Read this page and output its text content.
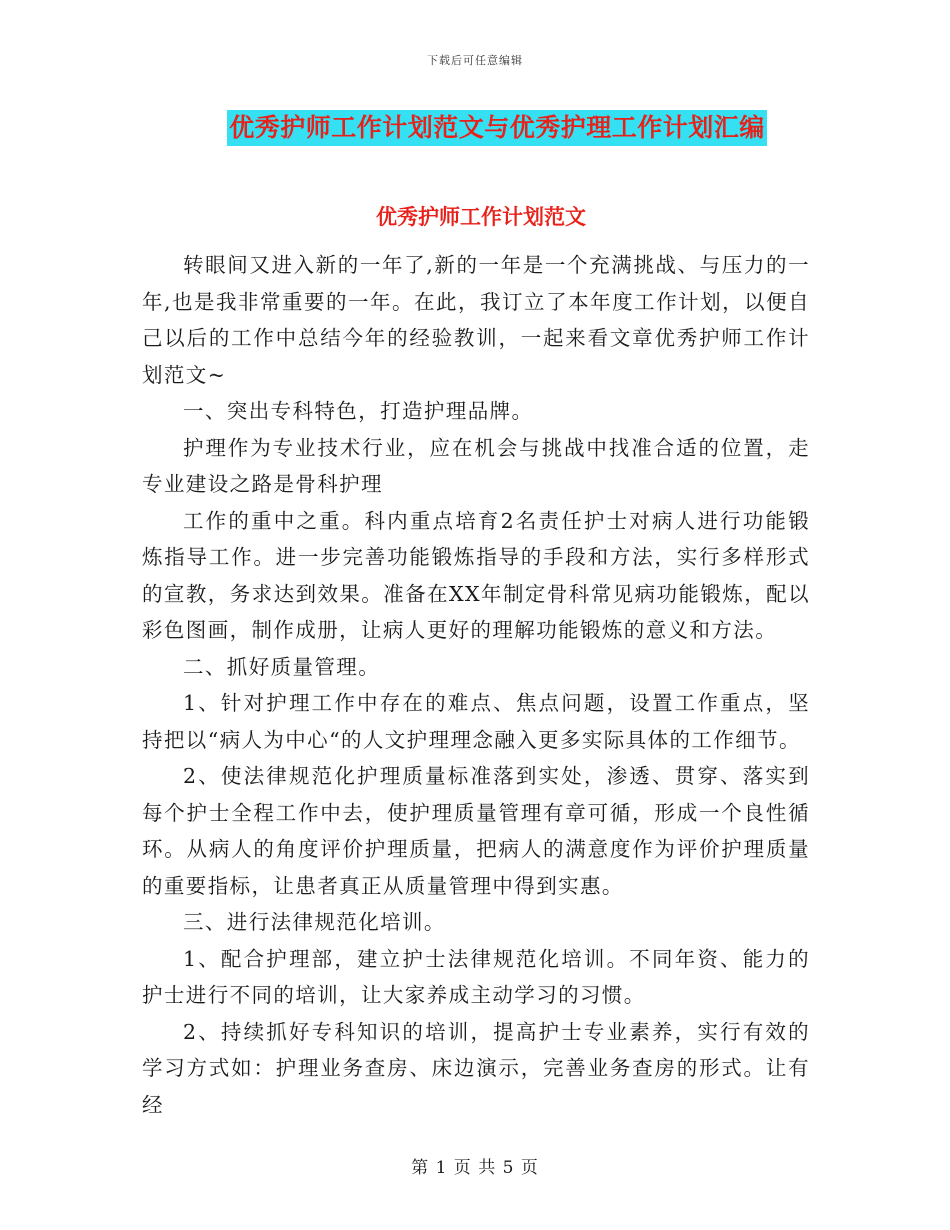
下载后可任意编辑
优秀护师工作计划范文与优秀护理工作计划汇编
优秀护师工作计划范文

转眼间又进入新的一年了,新的一年是一个充满挑战、与压力的一年,也是我非常重要的一年。在此，我订立了本年度工作计划，以便自己以后的工作中总结今年的经验教训，一起来看文章优秀护师工作计划范文~

一、突出专科特色，打造护理品牌。

护理作为专业技术行业，应在机会与挑战中找准合适的位置，走专业建设之路是骨科护理

工作的重中之重。科内重点培育2名责任护士对病人进行功能锻炼指导工作。进一步完善功能锻炼指导的手段和方法，实行多样形式的宣教，务求达到效果。准备在XX年制定骨科常见病功能锻炼，配以彩色图画，制作成册，让病人更好的理解功能锻炼的意义和方法。

二、抓好质量管理。

1、针对护理工作中存在的难点、焦点问题，设置工作重点，坚持把以“病人为中心“的人文护理理念融入更多实际具体的工作细节。

2、使法律规范化护理质量标准落到实处，渗透、贯穿、落实到每个护士全程工作中去，使护理质量管理有章可循，形成一个良性循环。从病人的角度评价护理质量，把病人的满意度作为评价护理质量的重要指标，让患者真正从质量管理中得到实惠。

三、进行法律规范化培训。

1、配合护理部，建立护士法律规范化培训。不同年资、能力的护士进行不同的培训，让大家养成主动学习的习惯。

2、持续抓好专科知识的培训，提高护士专业素养，实行有效的学习方式如：护理业务查房、床边演示，完善业务查房的形式。让有经

第 1 页 共 5 页
